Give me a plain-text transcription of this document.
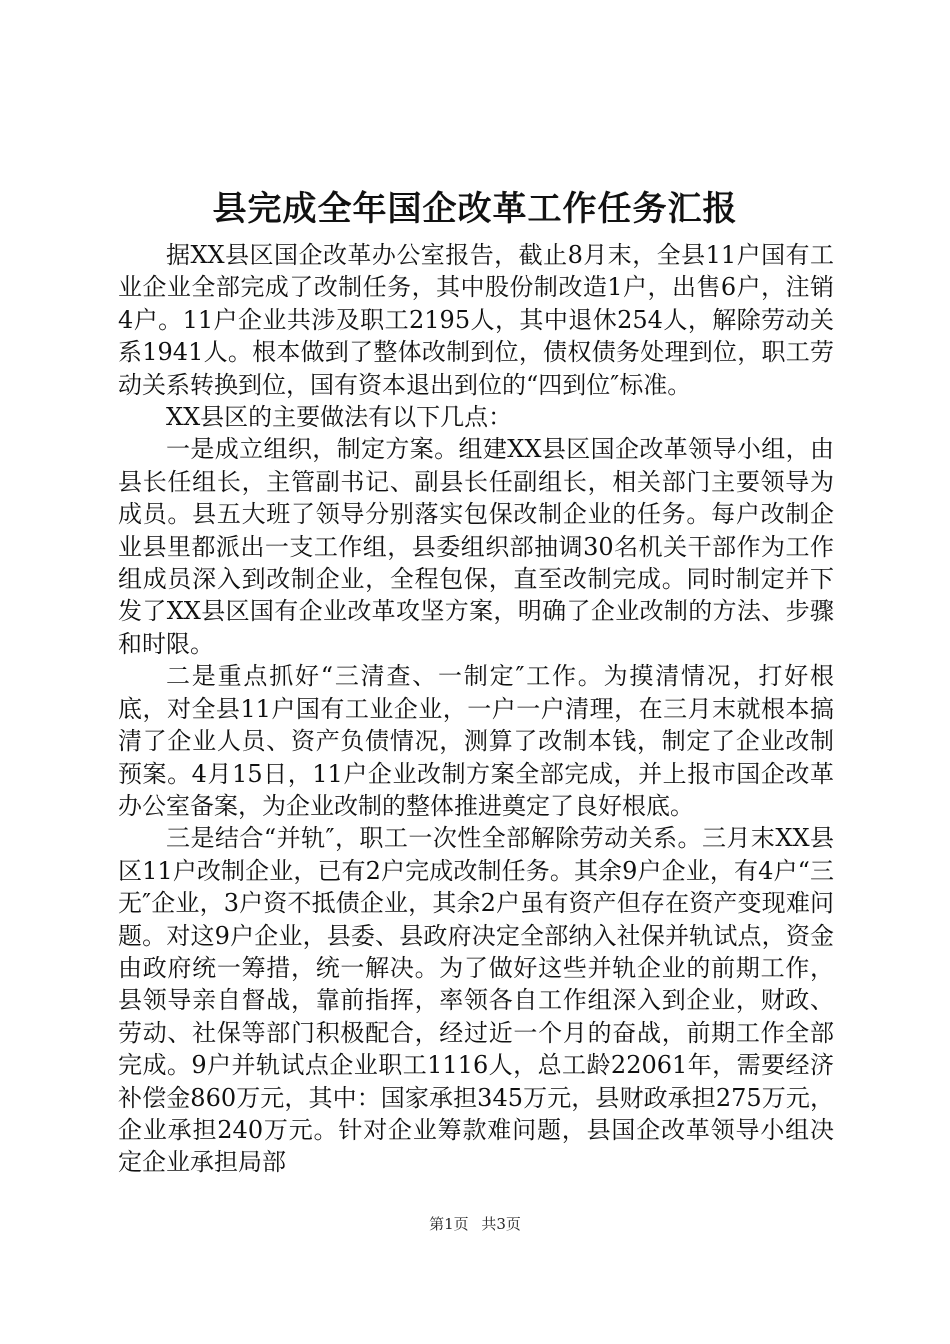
县完成全年国企改革工作任务汇报

据XX县区国企改革办公室报告，截止8月末，全县11户国有工业企业全部完成了改制任务，其中股份制改造1户，出售6户，注销4户。11户企业共涉及职工2195人，其中退休254人，解除劳动关系1941人。根本做到了整体改制到位，债权债务处理到位，职工劳动关系转换到位，国有资本退出到位的“四到位″标准。

XX县区的主要做法有以下几点：

一是成立组织，制定方案。组建XX县区国企改革领导小组，由县长任组长，主管副书记、副县长任副组长，相关部门主要领导为成员。县五大班了领导分别落实包保改制企业的任务。每户改制企业县里都派出一支工作组，县委组织部抽调30名机关干部作为工作组成员深入到改制企业，全程包保，直至改制完成。同时制定并下发了XX县区国有企业改革攻坚方案，明确了企业改制的方法、步骤和时限。

二是重点抓好“三清查、一制定″工作。为摸清情况，打好根底，对全县11户国有工业企业，一户一户清理，在三月末就根本搞清了企业人员、资产负债情况，测算了改制本钱，制定了企业改制预案。4月15日，11户企业改制方案全部完成，并上报市国企改革办公室备案，为企业改制的整体推进奠定了良好根底。

三是结合“并轨″，职工一次性全部解除劳动关系。三月末XX县区11户改制企业，已有2户完成改制任务。其余9户企业，有4户“三无″企业，3户资不抵债企业，其余2户虽有资产但存在资产变现难问题。对这9户企业，县委、县政府决定全部纳入社保并轨试点，资金由政府统一筹措，统一解决。为了做好这些并轨企业的前期工作，县领导亲自督战，靠前指挥，率领各自工作组深入到企业，财政、劳动、社保等部门积极配合，经过近一个月的奋战，前期工作全部完成。9户并轨试点企业职工1116人，总工龄22061年，需要经济补偿金860万元，其中：国家承担345万元，县财政承担275万元，企业承担240万元。针对企业筹款难问题，县国企改革领导小组决定企业承担局部

第1页 共3页
